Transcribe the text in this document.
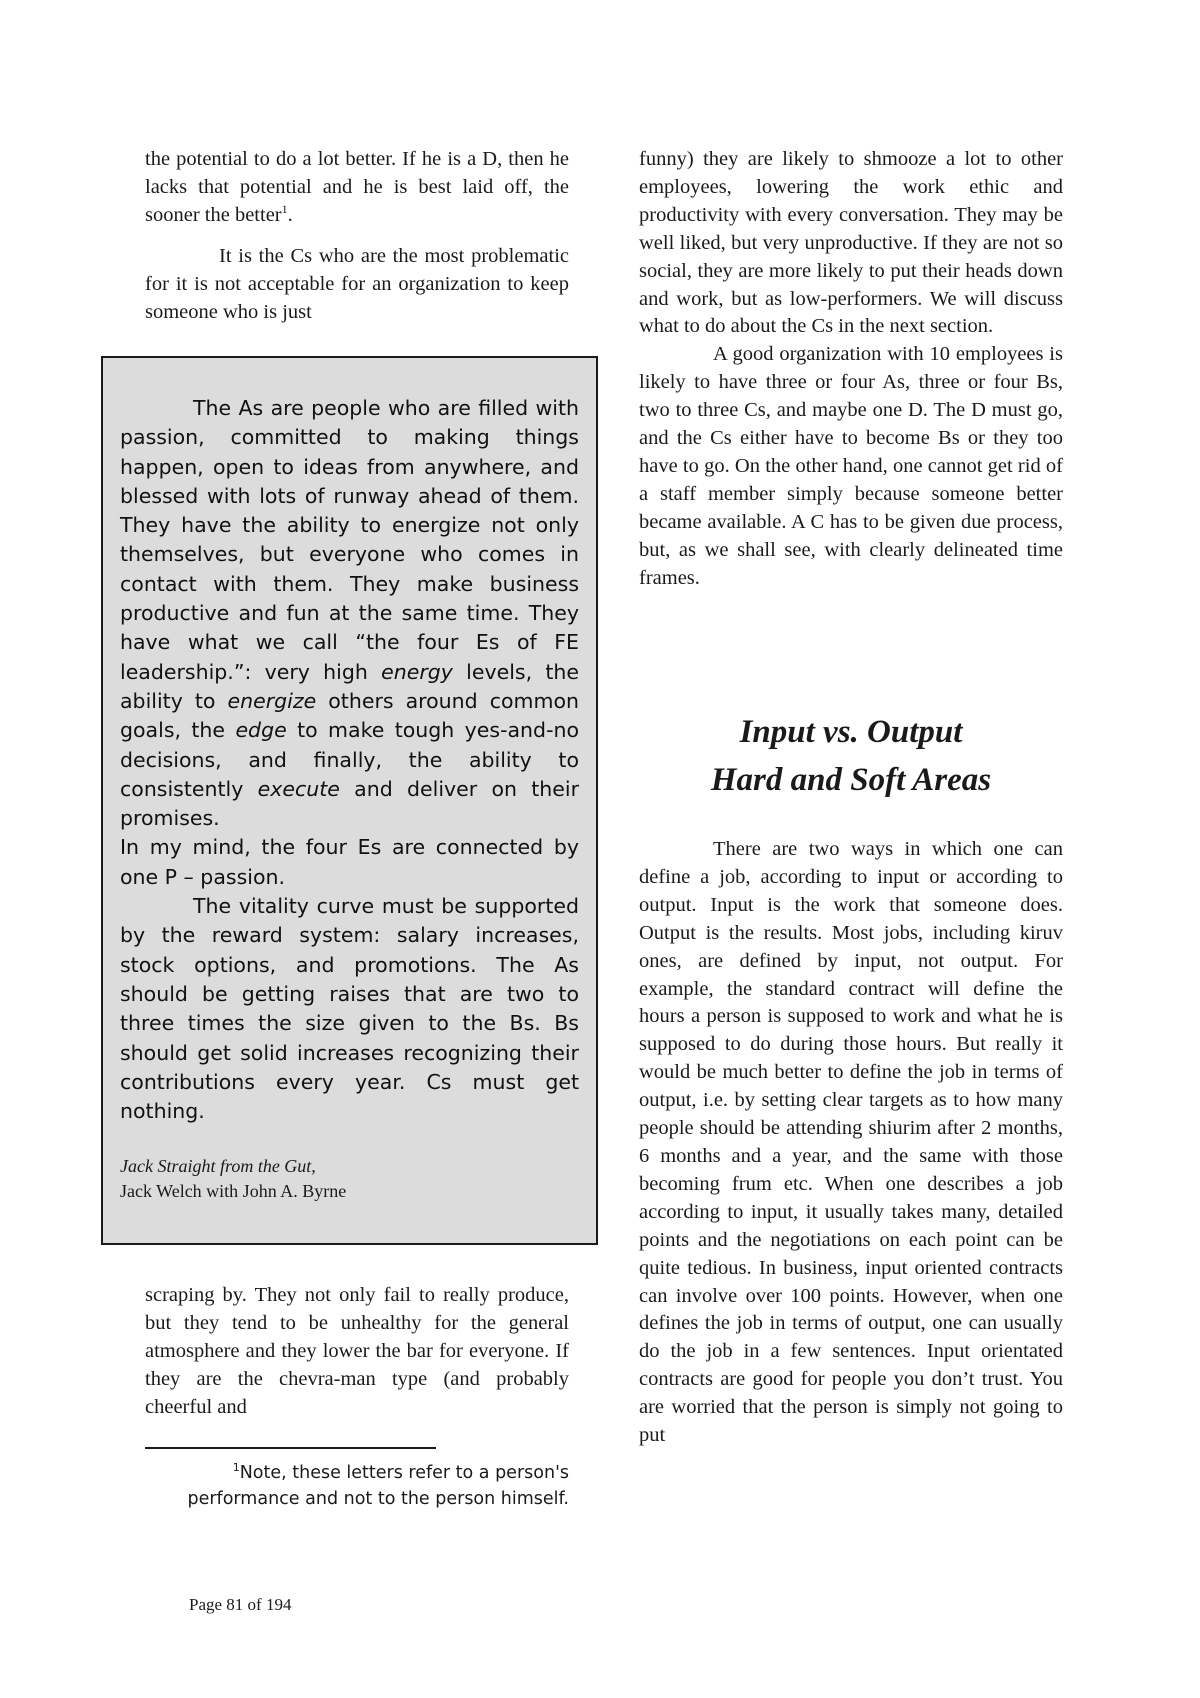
the potential to do a lot better. If he is a D, then he lacks that potential and he is best laid off, the sooner the better$^1$.

It is the Cs who are the most problematic for it is not acceptable for an organization to keep someone who is just

The As are people who are filled with passion, committed to making things happen, open to ideas from anywhere, and blessed with lots of runway ahead of them. They have the ability to energize not only themselves, but everyone who comes in contact with them. They make business productive and fun at the same time. They have what we call “the four Es of FE leadership.”: very high energy levels, the ability to energize others around common goals, the edge to make tough yes-and-no decisions, and finally, the ability to consistently execute and deliver on their promises.

In my mind, the four Es are connected by one P – passion.

The vitality curve must be supported by the reward system: salary increases, stock options, and promotions. The As should be getting raises that are two to three times the size given to the Bs. Bs should get solid increases recognizing their contributions every year. Cs must get nothing.

Jack Straight from the Gut,
Jack Welch with John A. Byrne

scraping by. They not only fail to really produce, but they tend to be unhealthy for the general atmosphere and they lower the bar for everyone. If they are the chevra-man type (and probably cheerful and

$^1$Note, these letters refer to a person's performance and not to the person himself.

funny) they are likely to shmooze a lot to other employees, lowering the work ethic and productivity with every conversation. They may be well liked, but very unproductive. If they are not so social, they are more likely to put their heads down and work, but as low-performers. We will discuss what to do about the Cs in the next section.

A good organization with 10 employees is likely to have three or four As, three or four Bs, two to three Cs, and maybe one D. The D must go, and the Cs either have to become Bs or they too have to go. On the other hand, one cannot get rid of a staff member simply because someone better became available. A C has to be given due process, but, as we shall see, with clearly delineated time frames.

Input vs. Output
Hard and Soft Areas

There are two ways in which one can define a job, according to input or according to output. Input is the work that someone does. Output is the results. Most jobs, including kiruv ones, are defined by input, not output. For example, the standard contract will define the hours a person is supposed to work and what he is supposed to do during those hours. But really it would be much better to define the job in terms of output, i.e. by setting clear targets as to how many people should be attending shiurim after 2 months, 6 months and a year, and the same with those becoming frum etc. When one describes a job according to input, it usually takes many, detailed points and the negotiations on each point can be quite tedious. In business, input oriented contracts can involve over 100 points. However, when one defines the job in terms of output, one can usually do the job in a few sentences. Input orientated contracts are good for people you don’t trust. You are worried that the person is simply not going to put

Page 81 of 194
